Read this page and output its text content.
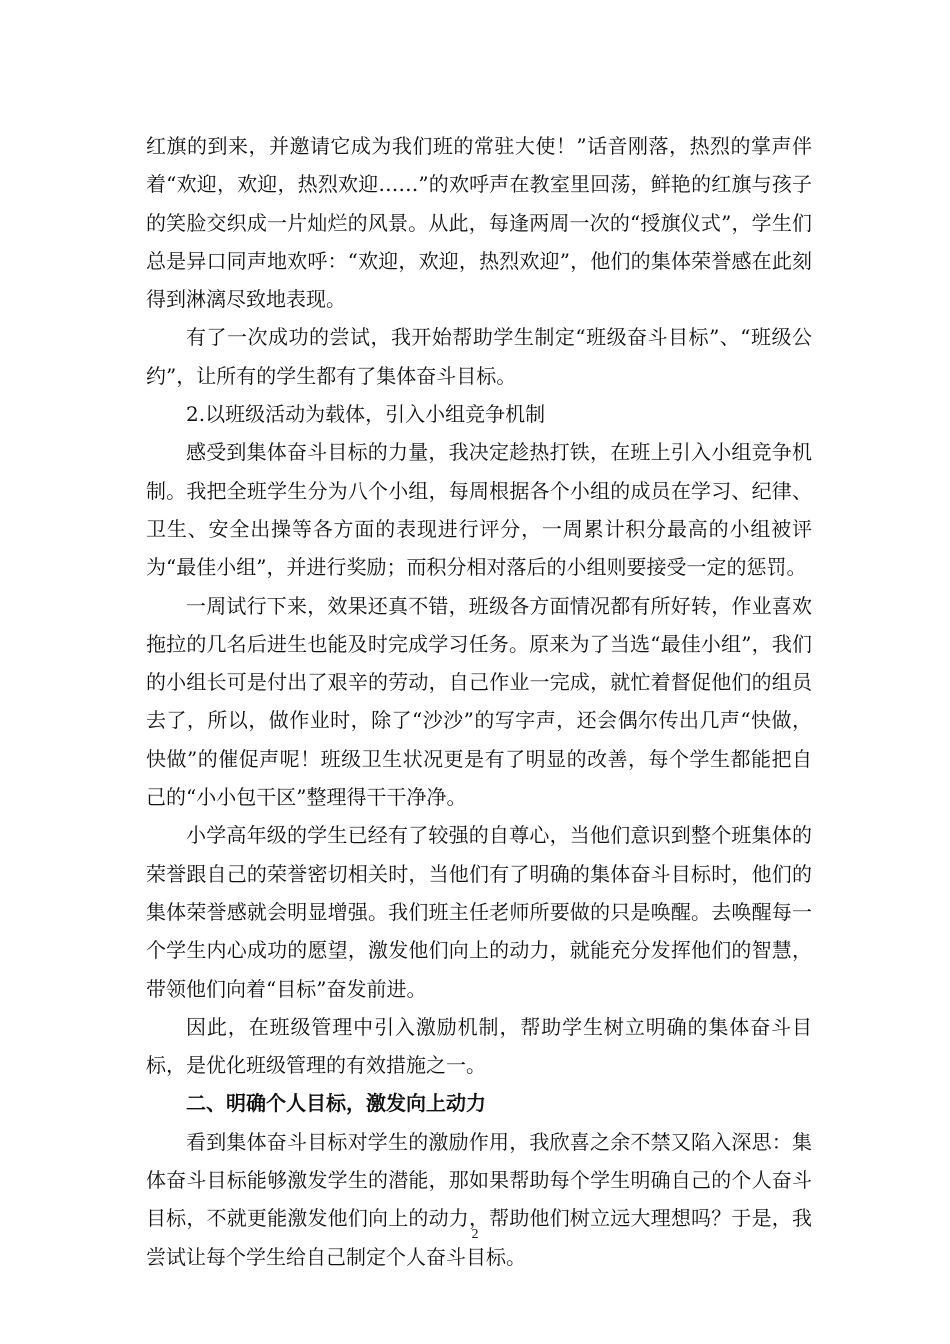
红旗的到来，并邀请它成为我们班的常驻大使！”话音刚落，热烈的掌声伴着“欢迎，欢迎，热烈欢迎……”的欢呼声在教室里回荡，鲜艳的红旗与孩子的笑脸交织成一片灿烂的风景。从此，每逢两周一次的“授旗仪式”，学生们总是异口同声地欢呼：“欢迎，欢迎，热烈欢迎”，他们的集体荣誉感在此刻得到淋漓尽致地表现。

有了一次成功的尝试，我开始帮助学生制定“班级奋斗目标”、“班级公约”，让所有的学生都有了集体奋斗目标。

2.以班级活动为载体，引入小组竞争机制

感受到集体奋斗目标的力量，我决定趁热打铁，在班上引入小组竞争机制。我把全班学生分为八个小组，每周根据各个小组的成员在学习、纪律、卫生、安全出操等各方面的表现进行评分，一周累计积分最高的小组被评为“最佳小组”，并进行奖励；而积分相对落后的小组则要接受一定的惩罚。

一周试行下来，效果还真不错，班级各方面情况都有所好转，作业喜欢拖拉的几名后进生也能及时完成学习任务。原来为了当选“最佳小组”，我们的小组长可是付出了艰辛的劳动，自己作业一完成，就忙着督促他们的组员去了，所以，做作业时，除了“沙沙”的写字声，还会偶尔传出几声“快做，快做”的催促声呢！班级卫生状况更是有了明显的改善，每个学生都能把自己的“小小包干区”整理得干干净净。

小学高年级的学生已经有了较强的自尊心，当他们意识到整个班集体的荣誉跟自己的荣誉密切相关时，当他们有了明确的集体奋斗目标时，他们的集体荣誉感就会明显增强。我们班主任老师所要做的只是唤醒。去唤醒每一个学生内心成功的愿望，激发他们向上的动力，就能充分发挥他们的智慧，带领他们向着“目标”奋发前进。

因此，在班级管理中引入激励机制，帮助学生树立明确的集体奋斗目标，是优化班级管理的有效措施之一。

二、明确个人目标，激发向上动力

看到集体奋斗目标对学生的激励作用，我欣喜之余不禁又陷入深思：集体奋斗目标能够激发学生的潜能，那如果帮助每个学生明确自己的个人奋斗目标，不就更能激发他们向上的动力，帮助他们树立远大理想吗？于是，我尝试让每个学生给自己制定个人奋斗目标。

2
